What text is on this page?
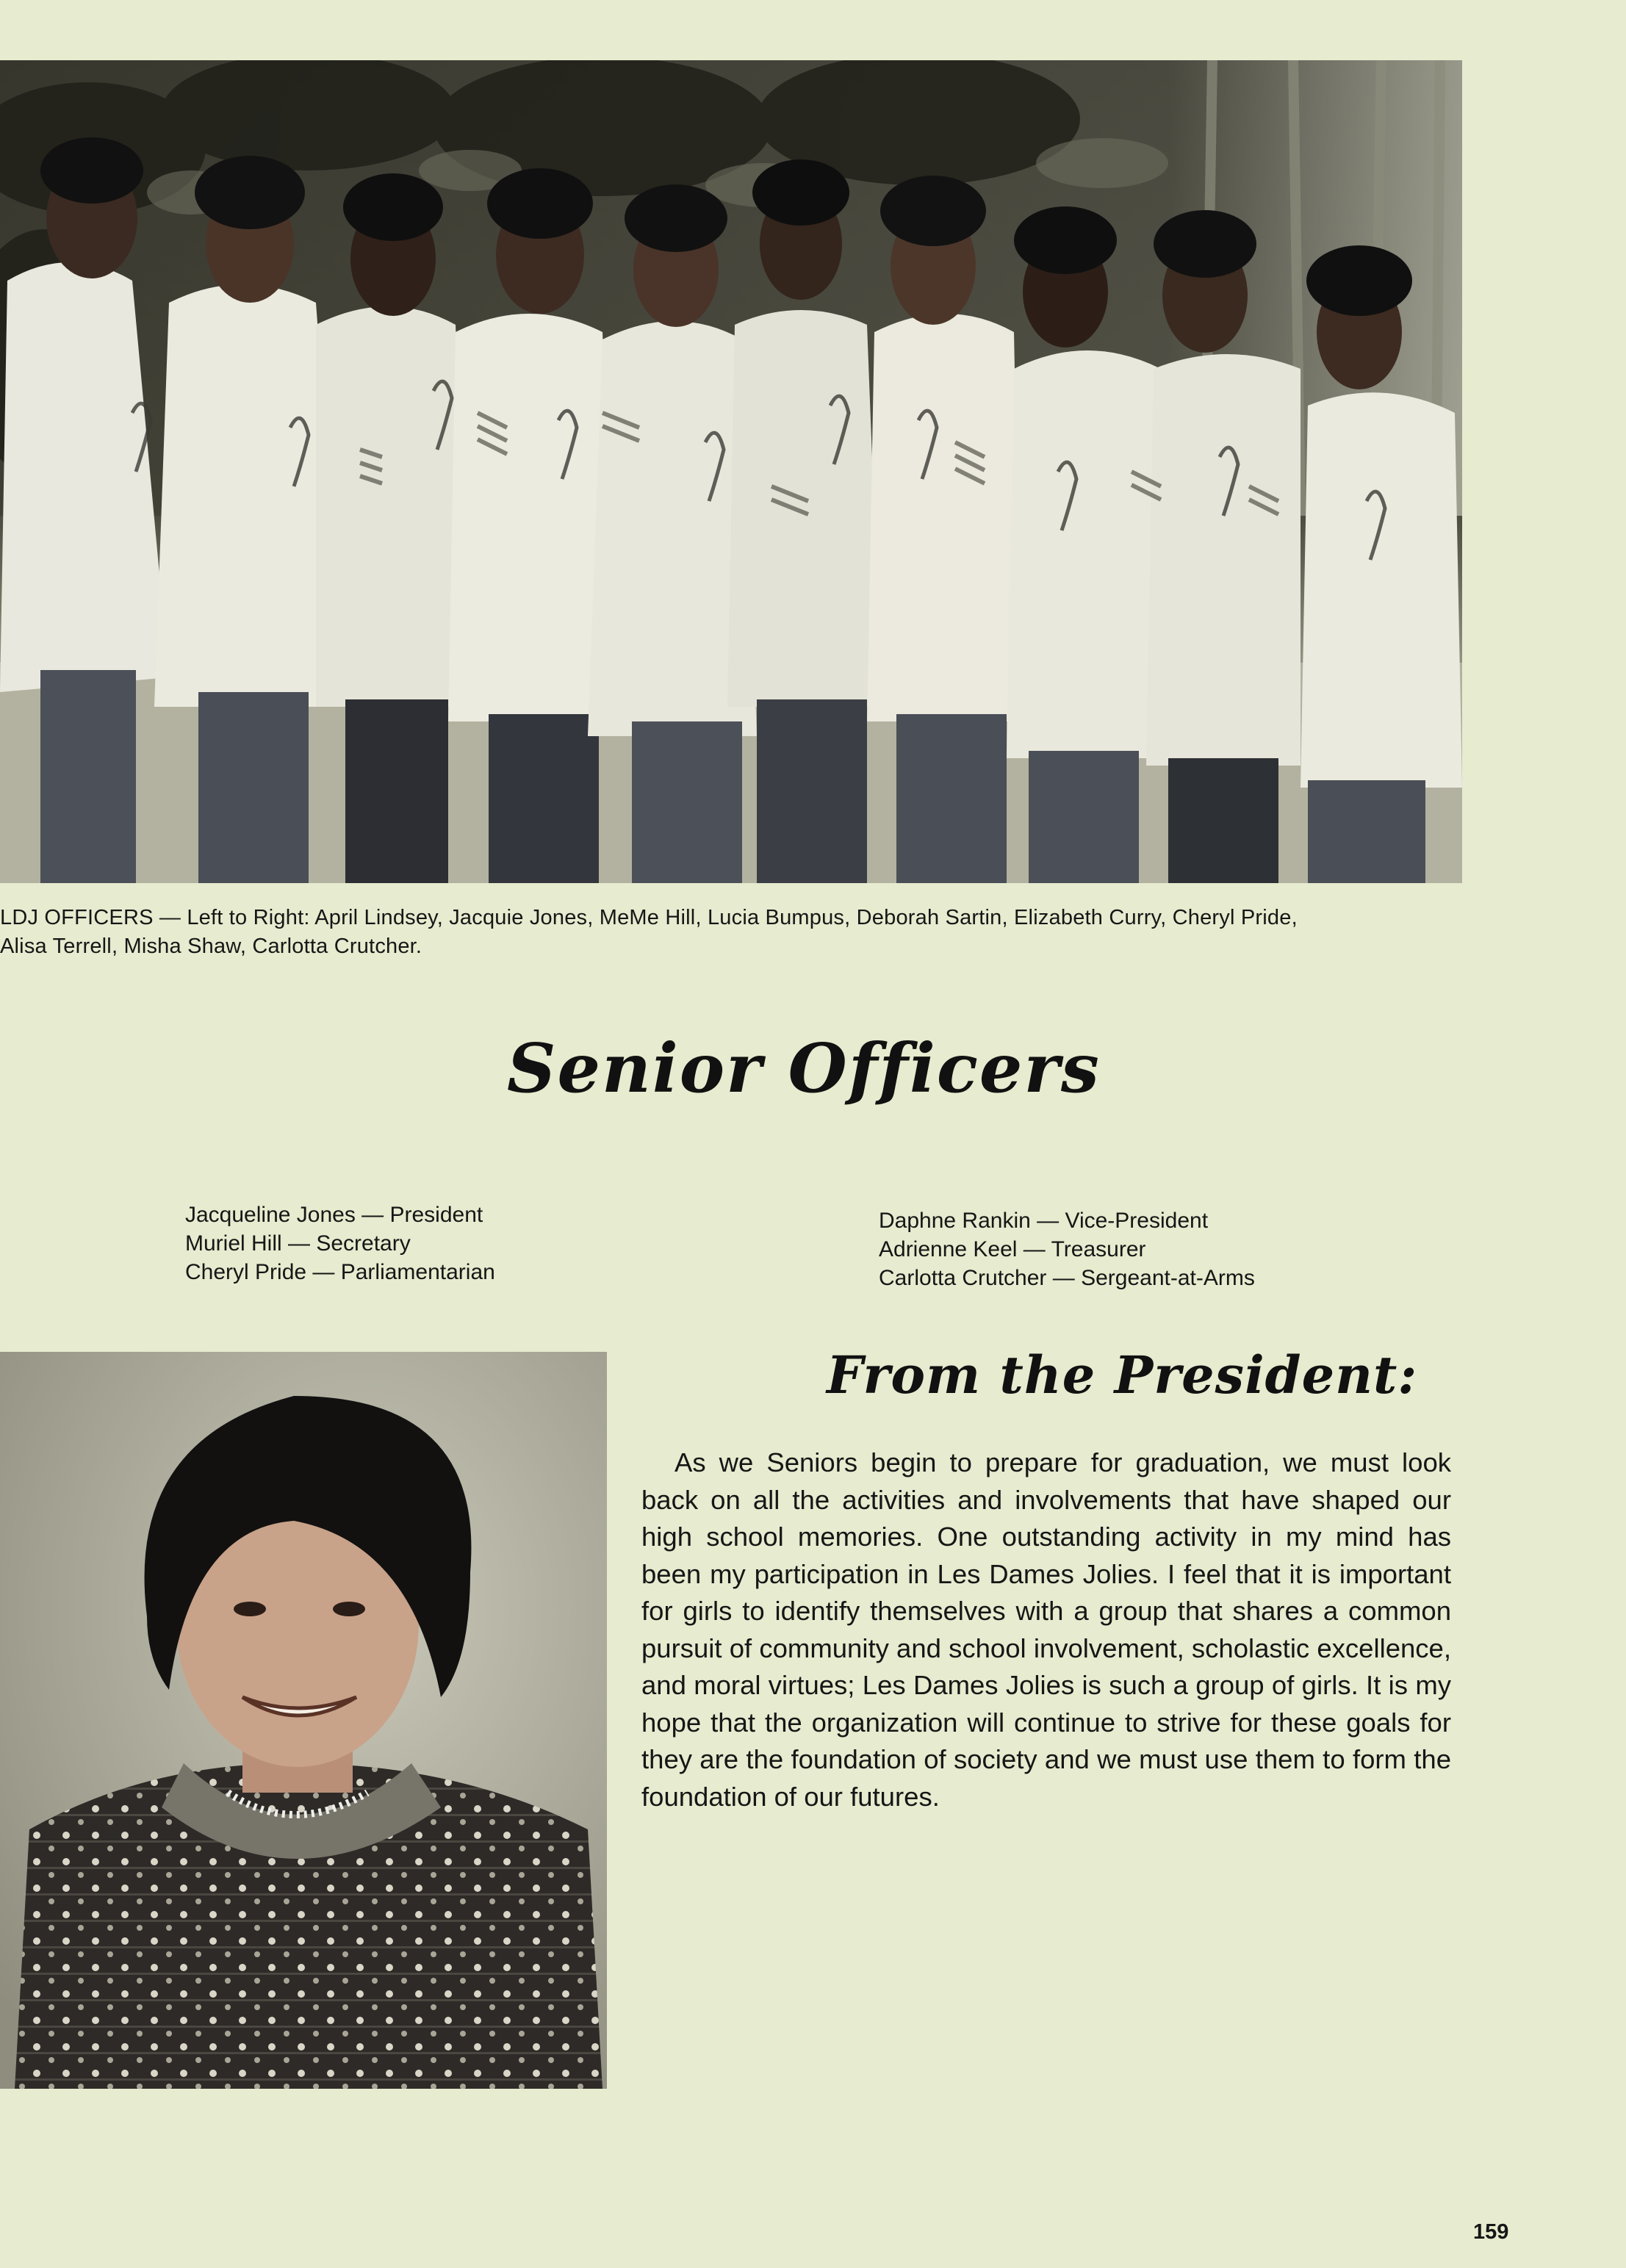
LDJ OFFICERS — Left to Right: April Lindsey, Jacquie Jones, MeMe Hill, Lucia Bumpus, Deborah Sartin, Elizabeth Curry, Cheryl Pride,

Alisa Terrell, Misha Shaw, Carlotta Crutcher.

Senior Officers
Jacqueline Jones — President
Muriel Hill — Secretary
Cheryl Pride — Parliamentarian
Daphne Rankin — Vice-President
Adrienne Keel — Treasurer
Carlotta Crutcher — Sergeant-at-Arms
From the President:

As we Seniors begin to prepare for graduation, we must look back on all the activities and involvements that have shaped our high school memories. One outstanding activity in my mind has been my participation in Les Dames Jolies. I feel that it is important for girls to identify themselves with a group that shares a common pursuit of community and school involvement, scholastic excellence, and moral virtues; Les Dames Jolies is such a group of girls. It is my hope that the organization will continue to strive for these goals for they are the foundation of society and we must use them to form the foundation of our futures.

159
